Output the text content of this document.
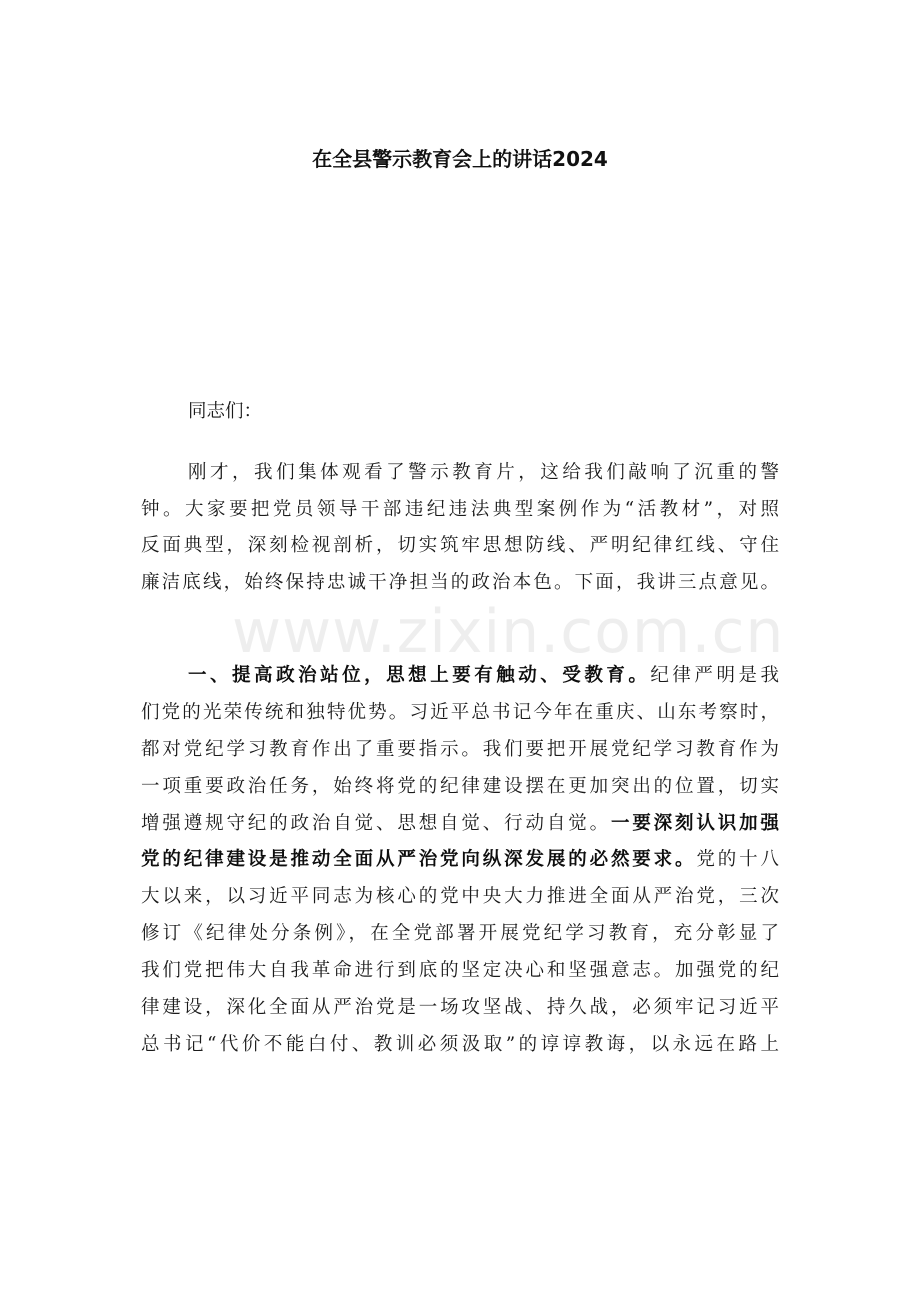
在全县警示教育会上的讲话2024
同志们：
刚才，我们集体观看了警示教育片，这给我们敲响了沉重的警
钟。大家要把党员领导干部违纪违法典型案例作为“活教材”，对照
反面典型，深刻检视剖析，切实筑牢思想防线、严明纪律红线、守住
廉洁底线，始终保持忠诚干净担当的政治本色。下面，我讲三点意见。
一、提高政治站位，思想上要有触动、受教育。纪律严明是我
们党的光荣传统和独特优势。习近平总书记今年在重庆、山东考察时，
都对党纪学习教育作出了重要指示。我们要把开展党纪学习教育作为
一项重要政治任务，始终将党的纪律建设摆在更加突出的位置，切实
增强遵规守纪的政治自觉、思想自觉、行动自觉。一要深刻认识加强
党的纪律建设是推动全面从严治党向纵深发展的必然要求。党的十八
大以来，以习近平同志为核心的党中央大力推进全面从严治党，三次
修订《纪律处分条例》，在全党部署开展党纪学习教育，充分彰显了
我们党把伟大自我革命进行到底的坚定决心和坚强意志。加强党的纪
律建设，深化全面从严治党是一场攻坚战、持久战，必须牢记习近平
总书记“代价不能白付、教训必须汲取”的谆谆教诲，以永远在路上
www.zixin.com.cn
